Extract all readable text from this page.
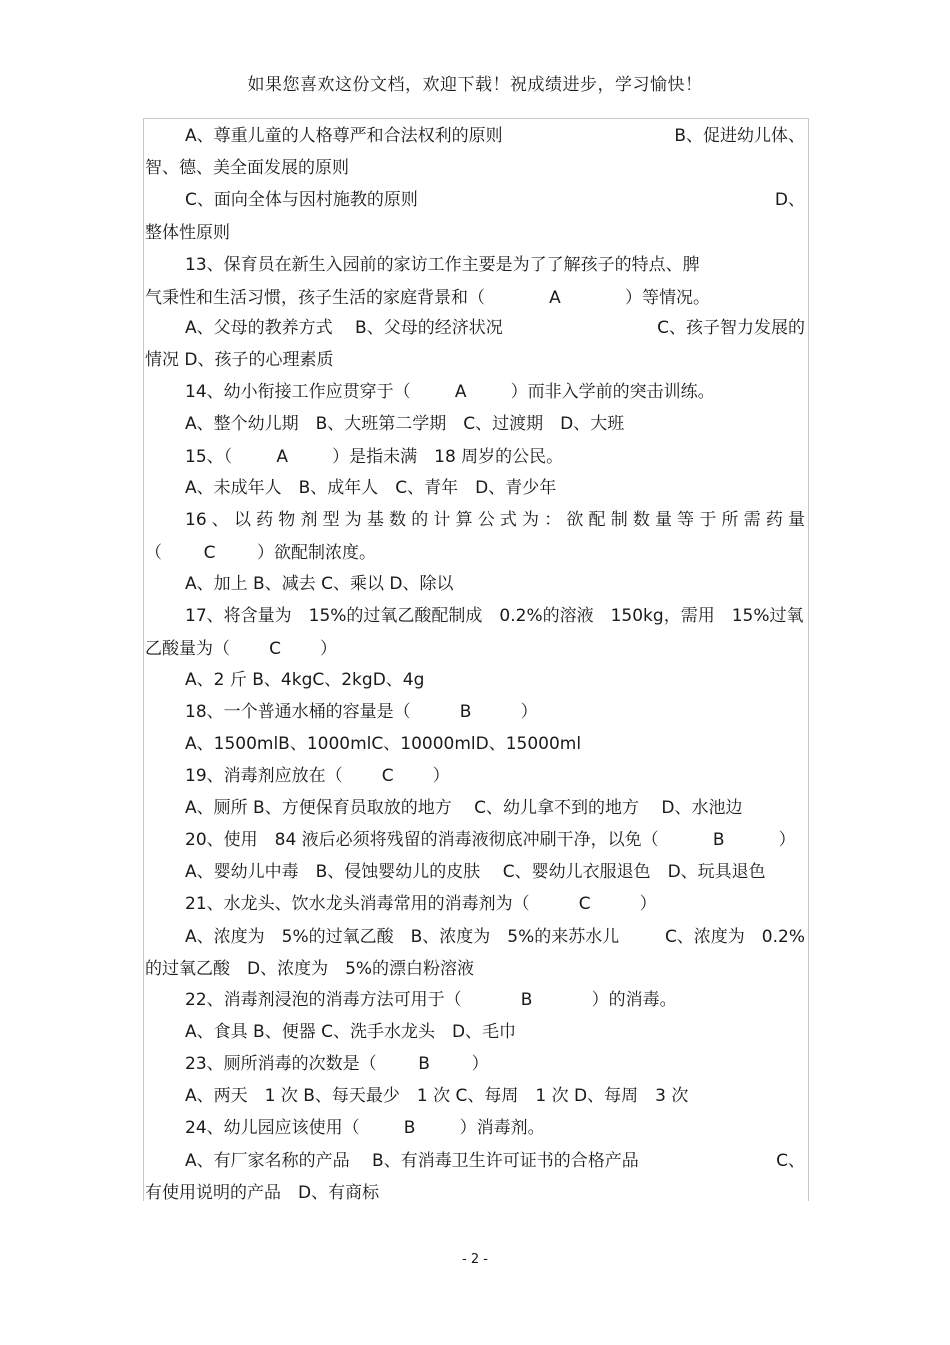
如果您喜欢这份文档，欢迎下载！祝成绩进步，学习愉快！
A、尊重儿童的人格尊严和合法权利的原则	B、促进幼儿体、
智、德、美全面发展的原则
C、面向全体与因村施教的原则	D、
整体性原则
13、保育员在新生入园前的家访工作主要是为了了解孩子的特点、脾
气秉性和生活习惯，孩子生活的家庭背景和（	A	）等情况。
A、父母的教养方式　 B、父母的经济状况	C、孩子智力发展的
情况 D、孩子的心理素质
14、幼小衔接工作应贯穿于（	A	）而非入学前的突击训练。
A、整个幼儿期　B、大班第二学期　C、过渡期　D、大班
15、（	A	）是指未满　18 周岁的公民。
A、未成年人　B、成年人　C、青年　D、青少年
16、以药物剂型为基数的计算公式为：欲配制数量等于所需药量
（ C ）欲配制浓度。
A、加上 B、减去 C、乘以 D、除以
17、将含量为　15%的过氧乙酸配制成　0.2%的溶液　150kg，需用　15%过氧
乙酸量为（ C ）
A、2 斤 B、4kgC、2kgD、4g
18、一个普通水桶的容量是（	B	）
A、1500mlB、1000mlC、10000mlD、15000ml
19、消毒剂应放在（ C ）
A、厕所 B、方便保育员取放的地方　 C、幼儿拿不到的地方　 D、水池边
20、使用　84 液后必须将残留的消毒液彻底冲刷干净，以免（	B	）
A、婴幼儿中毒　B、侵蚀婴幼儿的皮肤　 C、婴幼儿衣服退色　D、玩具退色
21、水龙头、饮水龙头消毒常用的消毒剂为（	C	）
A、浓度为　5%的过氧乙酸　B、浓度为　5%的来苏水儿	C、浓度为　0.2%
的过氧乙酸　D、浓度为　5%的漂白粉溶液
22、消毒剂浸泡的消毒方法可用于（	B	）的消毒。
A、食具 B、便器 C、洗手水龙头　D、毛巾
23、厕所消毒的次数是（ B ）
A、两天　1 次 B、每天最少　1 次 C、每周　1 次 D、每周　3 次
24、幼儿园应该使用（	B	）消毒剂。
A、有厂家名称的产品　 B、有消毒卫生许可证书的合格产品	C、
有使用说明的产品　D、有商标
- 2 -
